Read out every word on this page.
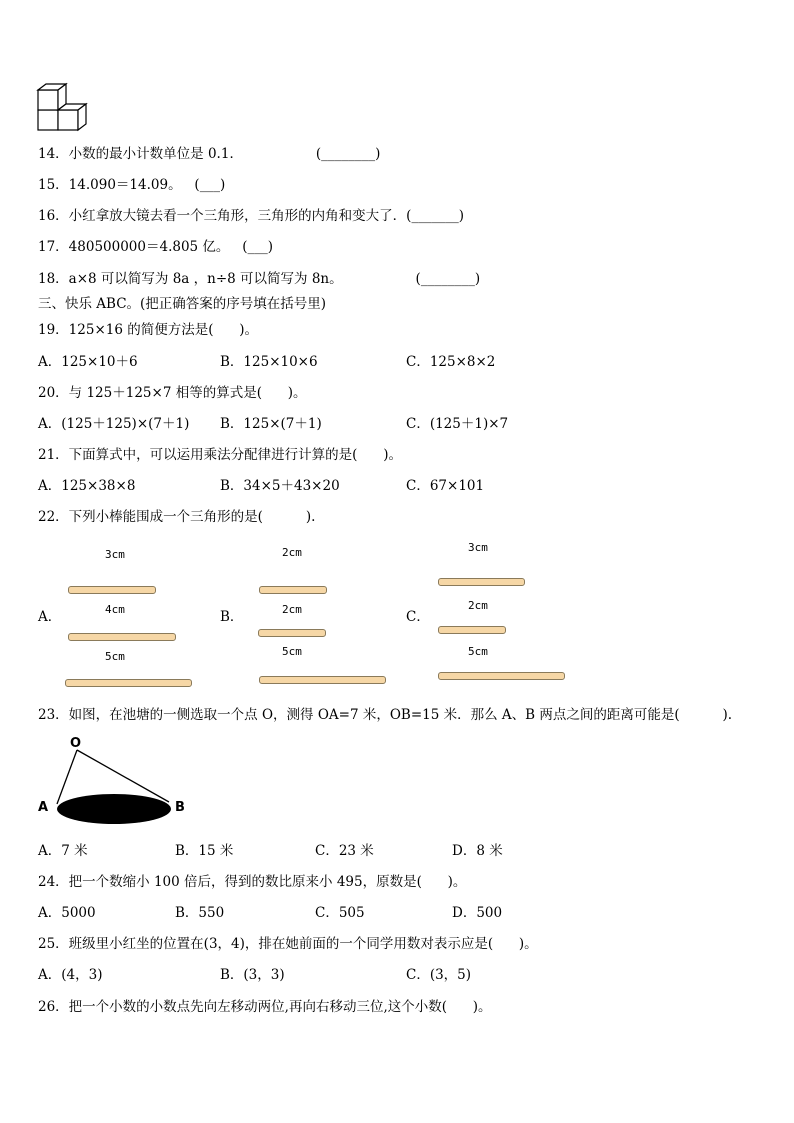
14．小数的最小计数单位是 0.1．                 (________)
15．14.090＝14.09。   (___)
16．小红拿放大镜去看一个三角形，三角形的内角和变大了．(_______)
17．480500000＝4.805 亿。   (___)
18．a×8 可以简写为 8a ，n÷8 可以简写为 8n。                 (________)
三、快乐 ABC。(把正确答案的序号填在括号里)
19．125×16 的简便方法是(      )。
A．125×10＋6	B．125×10×6	C．125×8×2
20．与 125＋125×7 相等的算式是(      )。
A．(125＋125)×(7＋1) B．125×(7＋1)	C．(125＋1)×7
21．下面算式中，可以运用乘法分配律进行计算的是(      )。
A．125×38×8	B．34×5＋43×20	C．67×101
22．下列小棒能围成一个三角形的是(          ).
A．
3cm
4cm
5cm
B．
2cm
2cm
5cm
C．
3cm
2cm
5cm
23．如图，在池塘的一侧选取一个点 O，测得 OA=7 米，OB=15 米．那么 A、B 两点之间的距离可能是(          ).
O
A	B
A．7 米	B．15 米	C．23 米	D．8 米
24．把一个数缩小 100 倍后，得到的数比原来小 495，原数是(      )。
A．5000	B．550	C．505	D．500
25．班级里小红坐的位置在(3，4)，排在她前面的一个同学用数对表示应是(      )。
A．(4，3)	B．(3，3)	C．(3，5)
26．把一个小数的小数点先向左移动两位,再向右移动三位,这个小数(      )。
